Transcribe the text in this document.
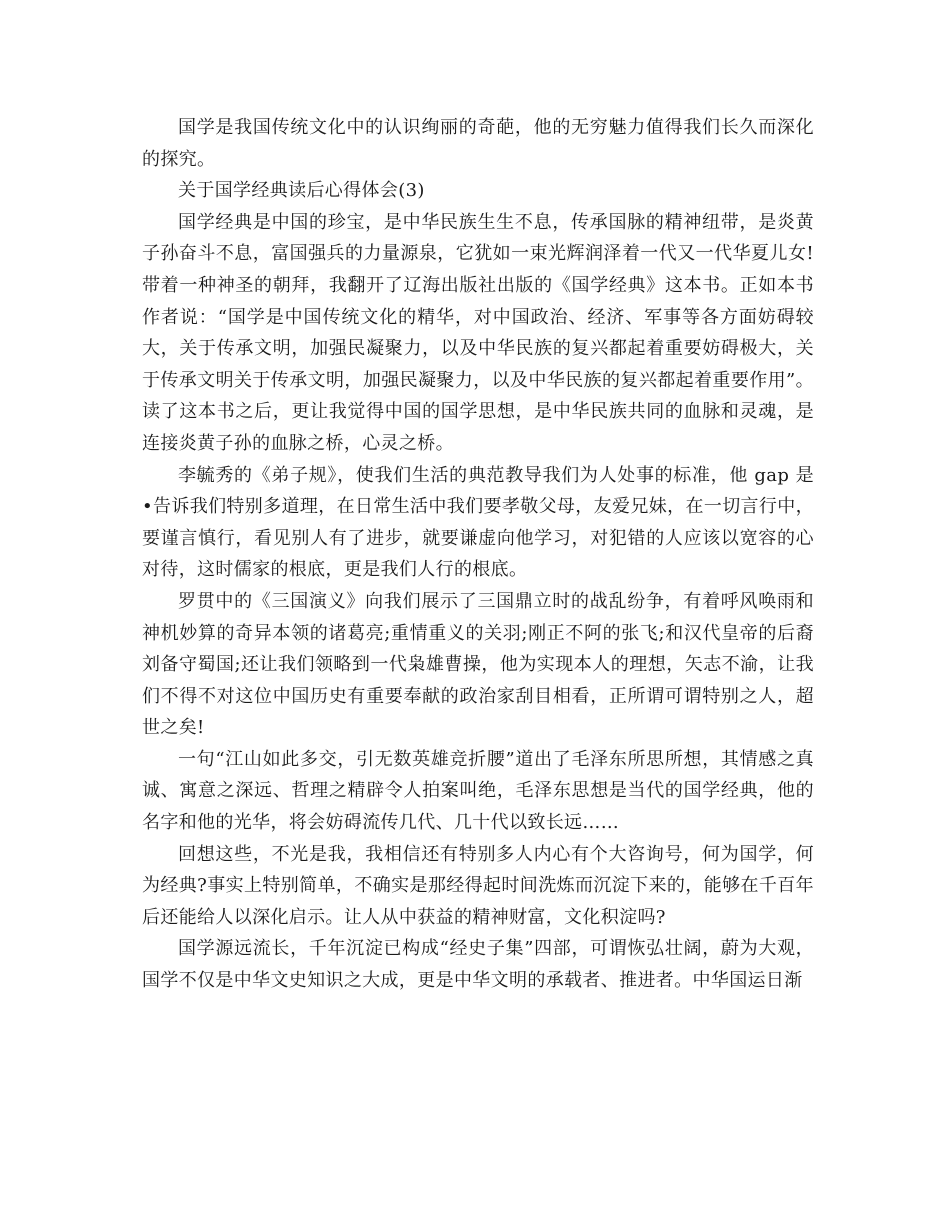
国学是我国传统文化中的认识绚丽的奇葩，他的无穷魅力值得我们长久而深化的探究。

关于国学经典读后心得体会(3)

国学经典是中国的珍宝，是中华民族生生不息，传承国脉的精神纽带，是炎黄子孙奋斗不息，富国强兵的力量源泉，它犹如一束光辉润泽着一代又一代华夏儿女!带着一种神圣的朝拜，我翻开了辽海出版社出版的《国学经典》这本书。正如本书作者说：“国学是中国传统文化的精华，对中国政治、经济、军事等各方面妨碍较大，关于传承文明，加强民凝聚力，以及中华民族的复兴都起着重要妨碍极大，关于传承文明关于传承文明，加强民凝聚力，以及中华民族的复兴都起着重要作用”。读了这本书之后，更让我觉得中国的国学思想，是中华民族共同的血脉和灵魂，是连接炎黄子孙的血脉之桥，心灵之桥。

李毓秀的《弟子规》，使我们生活的典范教导我们为人处事的标准，他 gap 是•告诉我们特别多道理，在日常生活中我们要孝敬父母，友爱兄妹，在一切言行中，要谨言慎行，看见别人有了进步，就要谦虚向他学习，对犯错的人应该以宽容的心对待，这时儒家的根底，更是我们人行的根底。

罗贯中的《三国演义》向我们展示了三国鼎立时的战乱纷争，有着呼风唤雨和神机妙算的奇异本领的诸葛亮;重情重义的关羽;刚正不阿的张飞;和汉代皇帝的后裔刘备守蜀国;还让我们领略到一代枭雄曹操，他为实现本人的理想，矢志不渝，让我们不得不对这位中国历史有重要奉献的政治家刮目相看，正所谓可谓特别之人，超世之矣!

一句“江山如此多交，引无数英雄竞折腰”道出了毛泽东所思所想，其情感之真诚、寓意之深远、哲理之精辟令人拍案叫绝，毛泽东思想是当代的国学经典，他的名字和他的光华，将会妨碍流传几代、几十代以致长远……

回想这些，不光是我，我相信还有特别多人内心有个大咨询号，何为国学，何为经典?事实上特别简单，不确实是那经得起时间洗炼而沉淀下来的，能够在千百年后还能给人以深化启示。让人从中获益的精神财富，文化积淀吗?

国学源远流长，千年沉淀已构成“经史子集”四部，可谓恢弘壮阔，蔚为大观，国学不仅是中华文史知识之大成，更是中华文明的承载者、推进者。中华国运日渐
